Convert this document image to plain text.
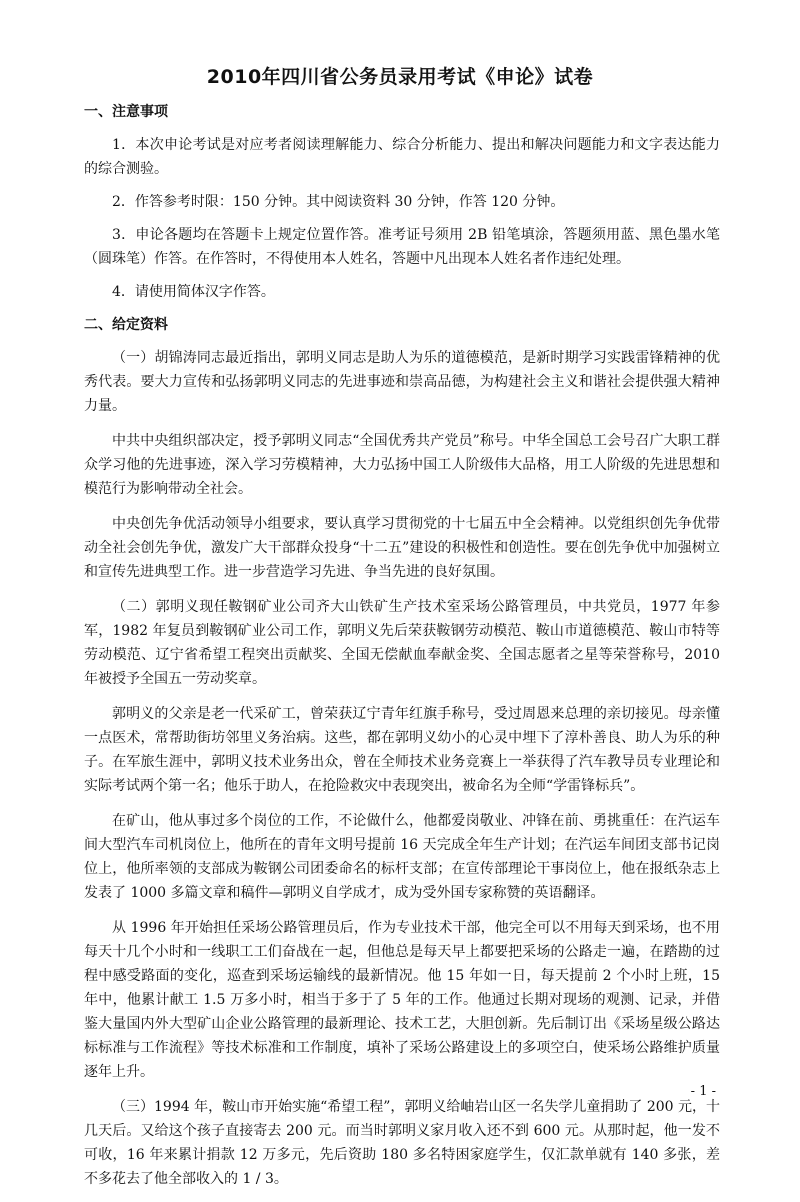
2010年四川省公务员录用考试《申论》试卷
一、注意事项

1．本次申论考试是对应考者阅读理解能力、综合分析能力、提出和解决问题能力和文字表达能力的综合测验。

2．作答参考时限：150 分钟。其中阅读资料 30 分钟，作答 120 分钟。

3．申论各题均在答题卡上规定位置作答。准考证号须用 2B 铅笔填涂，答题须用蓝、黑色墨水笔（圆珠笔）作答。在作答时，不得使用本人姓名，答题中凡出现本人姓名者作违纪处理。

4．请使用简体汉字作答。

二、给定资料

（一）胡锦涛同志最近指出，郭明义同志是助人为乐的道德模范，是新时期学习实践雷锋精神的优秀代表。要大力宣传和弘扬郭明义同志的先进事迹和崇高品德，为构建社会主义和谐社会提供强大精神力量。

中共中央组织部决定，授予郭明义同志“全国优秀共产党员”称号。中华全国总工会号召广大职工群众学习他的先进事迹，深入学习劳模精神，大力弘扬中国工人阶级伟大品格，用工人阶级的先进思想和模范行为影响带动全社会。

中央创先争优活动领导小组要求，要认真学习贯彻党的十七届五中全会精神。以党组织创先争优带动全社会创先争优，激发广大干部群众投身“十二五”建设的积极性和创造性。要在创先争优中加强树立和宣传先进典型工作。进一步营造学习先进、争当先进的良好氛围。

（二）郭明义现任鞍钢矿业公司齐大山铁矿生产技术室采场公路管理员，中共党员，1977 年参军，1982 年复员到鞍钢矿业公司工作，郭明义先后荣获鞍钢劳动模范、鞍山市道德模范、鞍山市特等劳动模范、辽宁省希望工程突出贡献奖、全国无偿献血奉献金奖、全国志愿者之星等荣誉称号，2010 年被授予全国五一劳动奖章。

郭明义的父亲是老一代采矿工，曾荣获辽宁青年红旗手称号，受过周恩来总理的亲切接见。母亲懂一点医术，常帮助街坊邻里义务治病。这些，都在郭明义幼小的心灵中埋下了淳朴善良、助人为乐的种子。在军旅生涯中，郭明义技术业务出众，曾在全师技术业务竞赛上一举获得了汽车教导员专业理论和实际考试两个第一名；他乐于助人，在抢险救灾中表现突出，被命名为全师“学雷锋标兵”。

在矿山，他从事过多个岗位的工作，不论做什么，他都爱岗敬业、冲锋在前、勇挑重任：在汽运车间大型汽车司机岗位上，他所在的青年文明号提前 16 天完成全年生产计划；在汽运车间团支部书记岗位上，他所率领的支部成为鞍钢公司团委命名的标杆支部；在宣传部理论干事岗位上，他在报纸杂志上发表了 1000 多篇文章和稿件—郭明义自学成才，成为受外国专家称赞的英语翻译。

从 1996 年开始担任采场公路管理员后，作为专业技术干部，他完全可以不用每天到采场，也不用每天十几个小时和一线职工工们奋战在一起，但他总是每天早上都要把采场的公路走一遍，在踏勘的过程中感受路面的变化，巡查到采场运输线的最新情况。他 15 年如一日，每天提前 2 个小时上班，15 年中，他累计献工 1.5 万多小时，相当于多于了 5 年的工作。他通过长期对现场的观测、记录，并借鉴大量国内外大型矿山企业公路管理的最新理论、技术工艺，大胆创新。先后制订出《采场星级公路达标标准与工作流程》等技术标准和工作制度，填补了采场公路建设上的多项空白，使采场公路维护质量逐年上升。

（三）1994 年，鞍山市开始实施“希望工程”，郭明义给岫岩山区一名失学儿童捐助了 200 元，十几天后。又给这个孩子直接寄去 200 元。而当时郭明义家月收入还不到 600 元。从那时起，他一发不可收，16 年来累计捐款 12 万多元，先后资助 180 多名特困家庭学生，仅汇款单就有 140 多张，差不多花去了他全部收入的 1 / 3。

- 1 -
